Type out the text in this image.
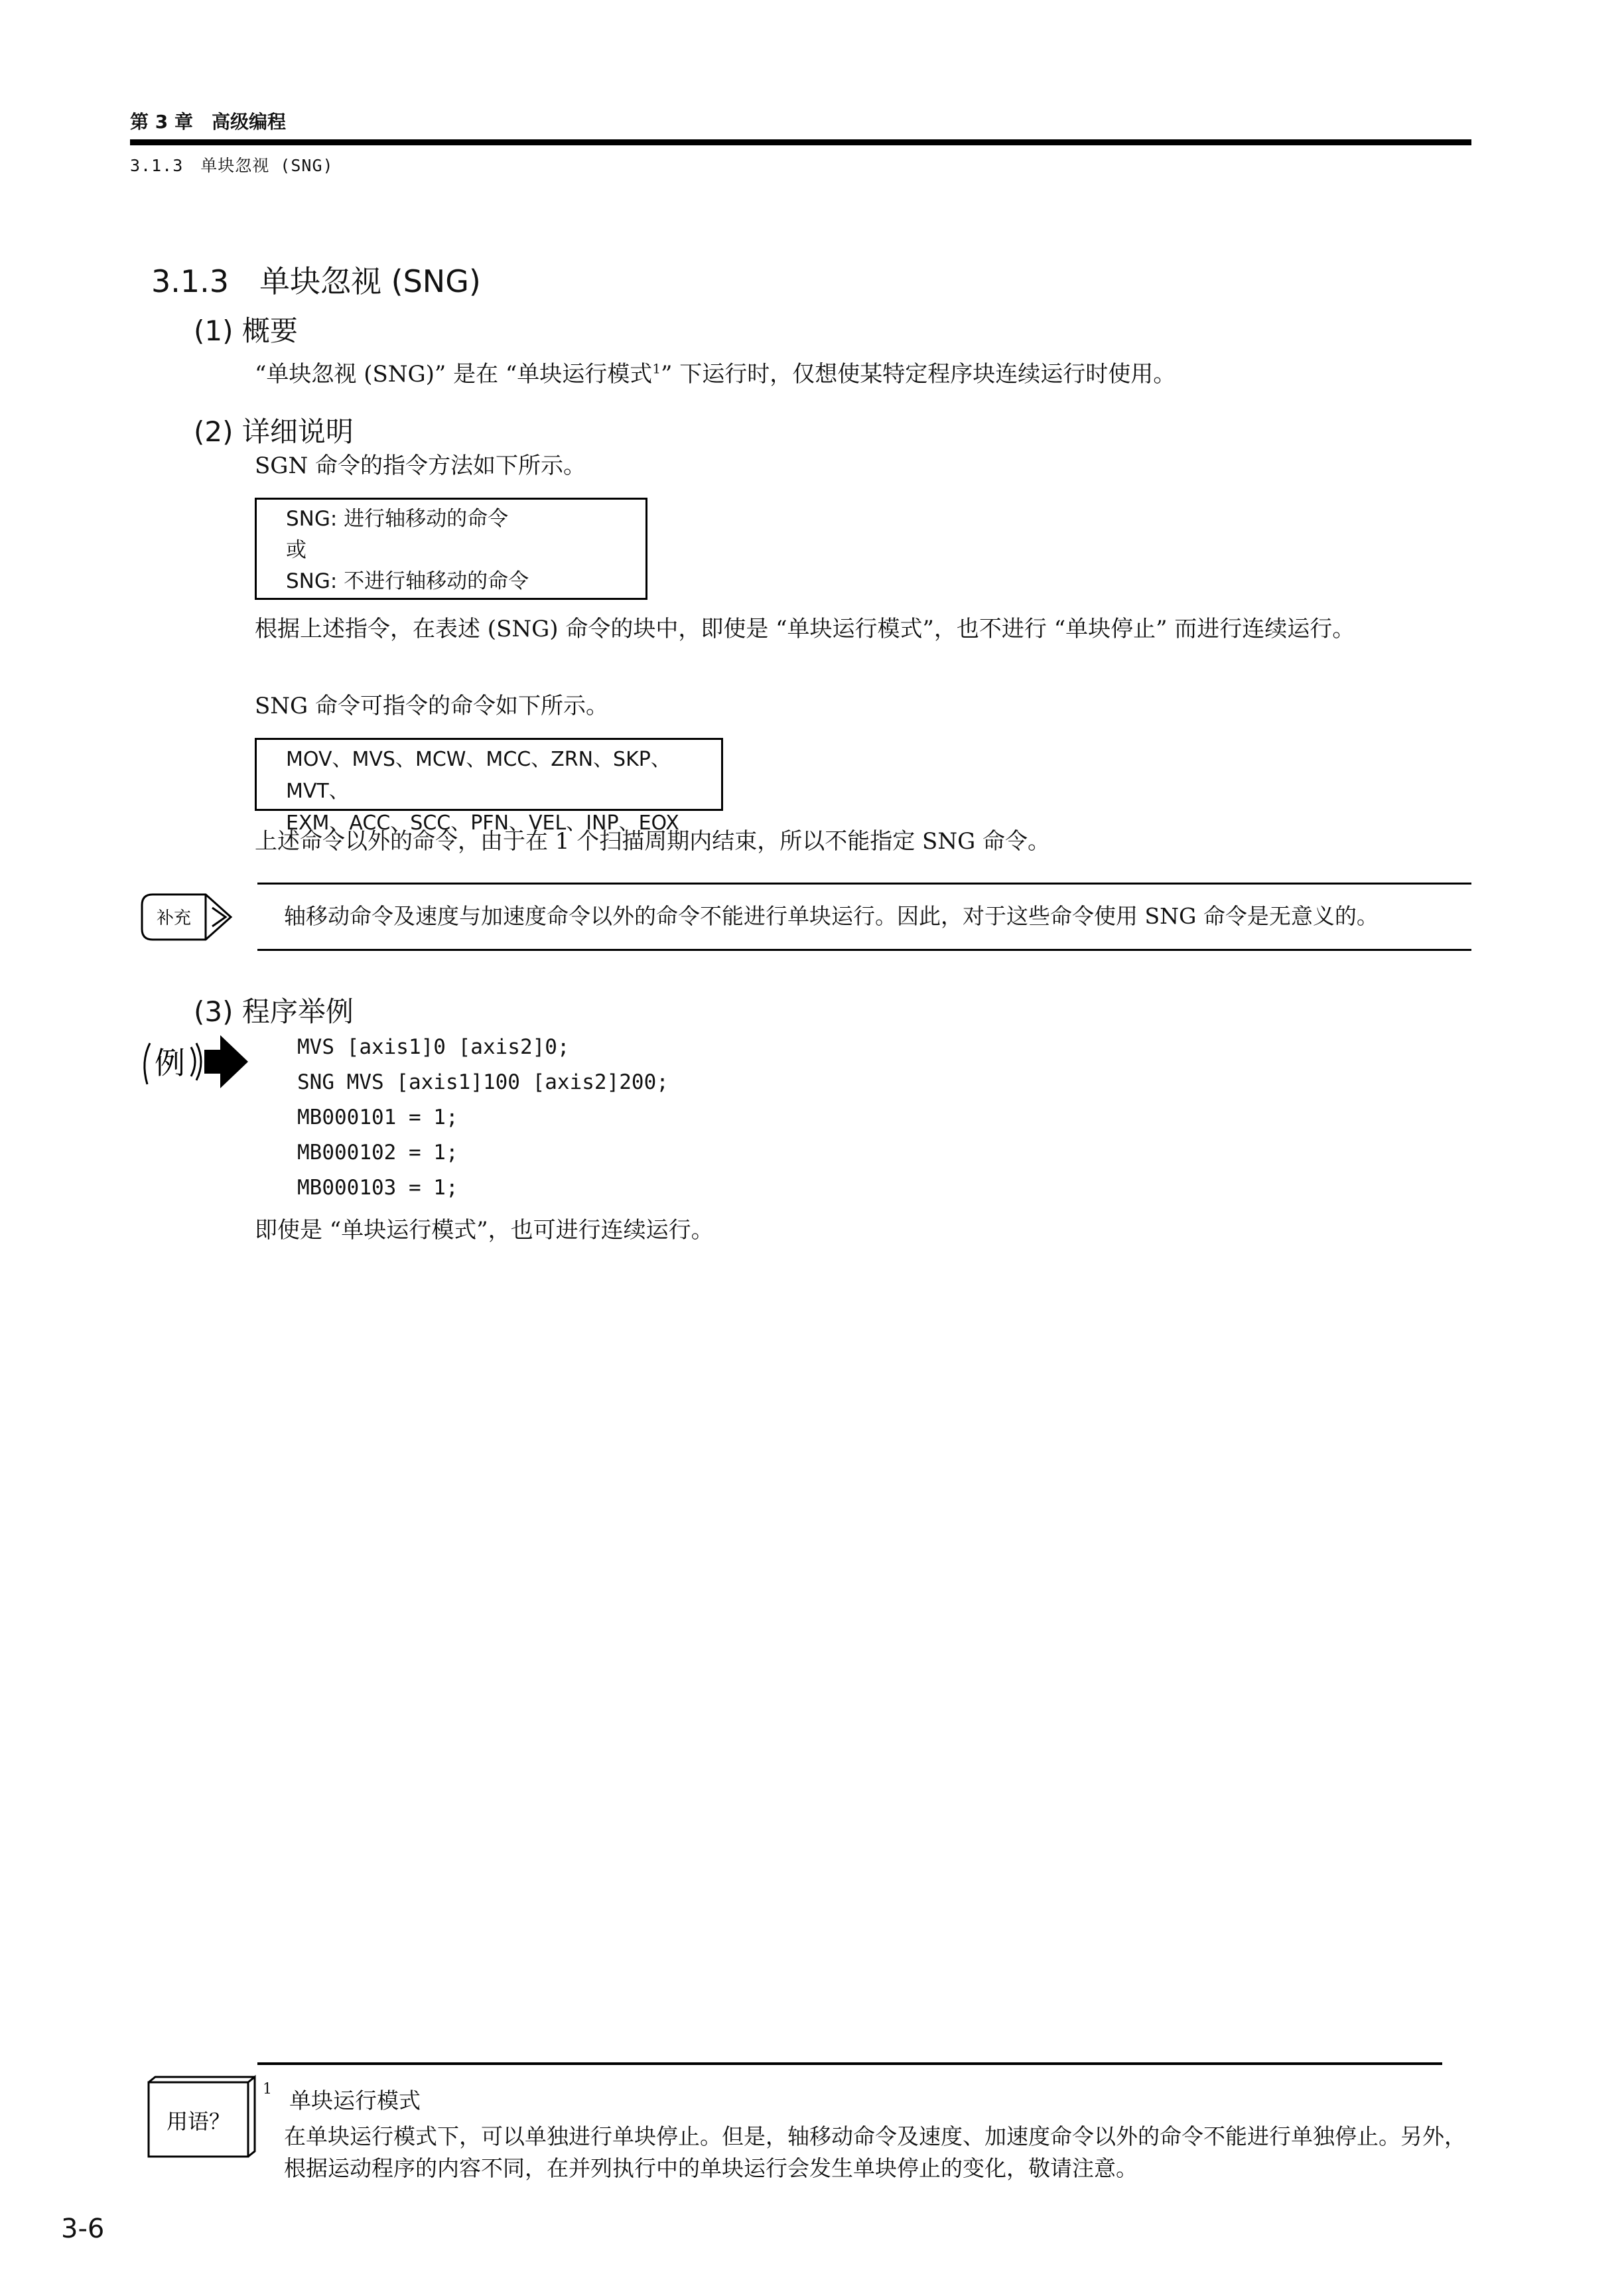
第 3 章　高级编程
3.1.3　单块忽视 (SNG)
3.1.3　单块忽视 (SNG)
(1) 概要
“单块忽视 (SNG)” 是在 “单块运行模式$^1$” 下运行时，仅想使某特定程序块连续运行时使用。
(2) 详细说明
SGN 命令的指令方法如下所示。
SNG: 进行轴移动的命令
或
SNG: 不进行轴移动的命令
根据上述指令，在表述 (SNG) 命令的块中，即使是 “单块运行模式”，也不进行 “单块停止” 而进行连续运行。
SNG 命令可指令的命令如下所示。
MOV、MVS、MCW、MCC、ZRN、SKP、MVT、
EXM、ACC、SCC、PFN、VEL、INP、EOX
上述命令以外的命令，由于在 1 个扫描周期内结束，所以不能指定 SNG 命令。
补充	轴移动命令及速度与加速度命令以外的命令不能进行单块运行。因此，对于这些命令使用 SNG 命令是无意义的。
(3) 程序举例
例	MVS [axis1]0 [axis2]0;
SNG MVS [axis1]100 [axis2]200;
MB000101 = 1;
MB000102 = 1;
MB000103 = 1;
即使是 “单块运行模式”，也可进行连续运行。
用语？
1 单块运行模式
在单块运行模式下，可以单独进行单块停止。但是，轴移动命令及速度、加速度命令以外的命令不能进行单独停止。另外，根据运动程序的内容不同，在并列执行中的单块运行会发生单块停止的变化，敬请注意。
3-6
